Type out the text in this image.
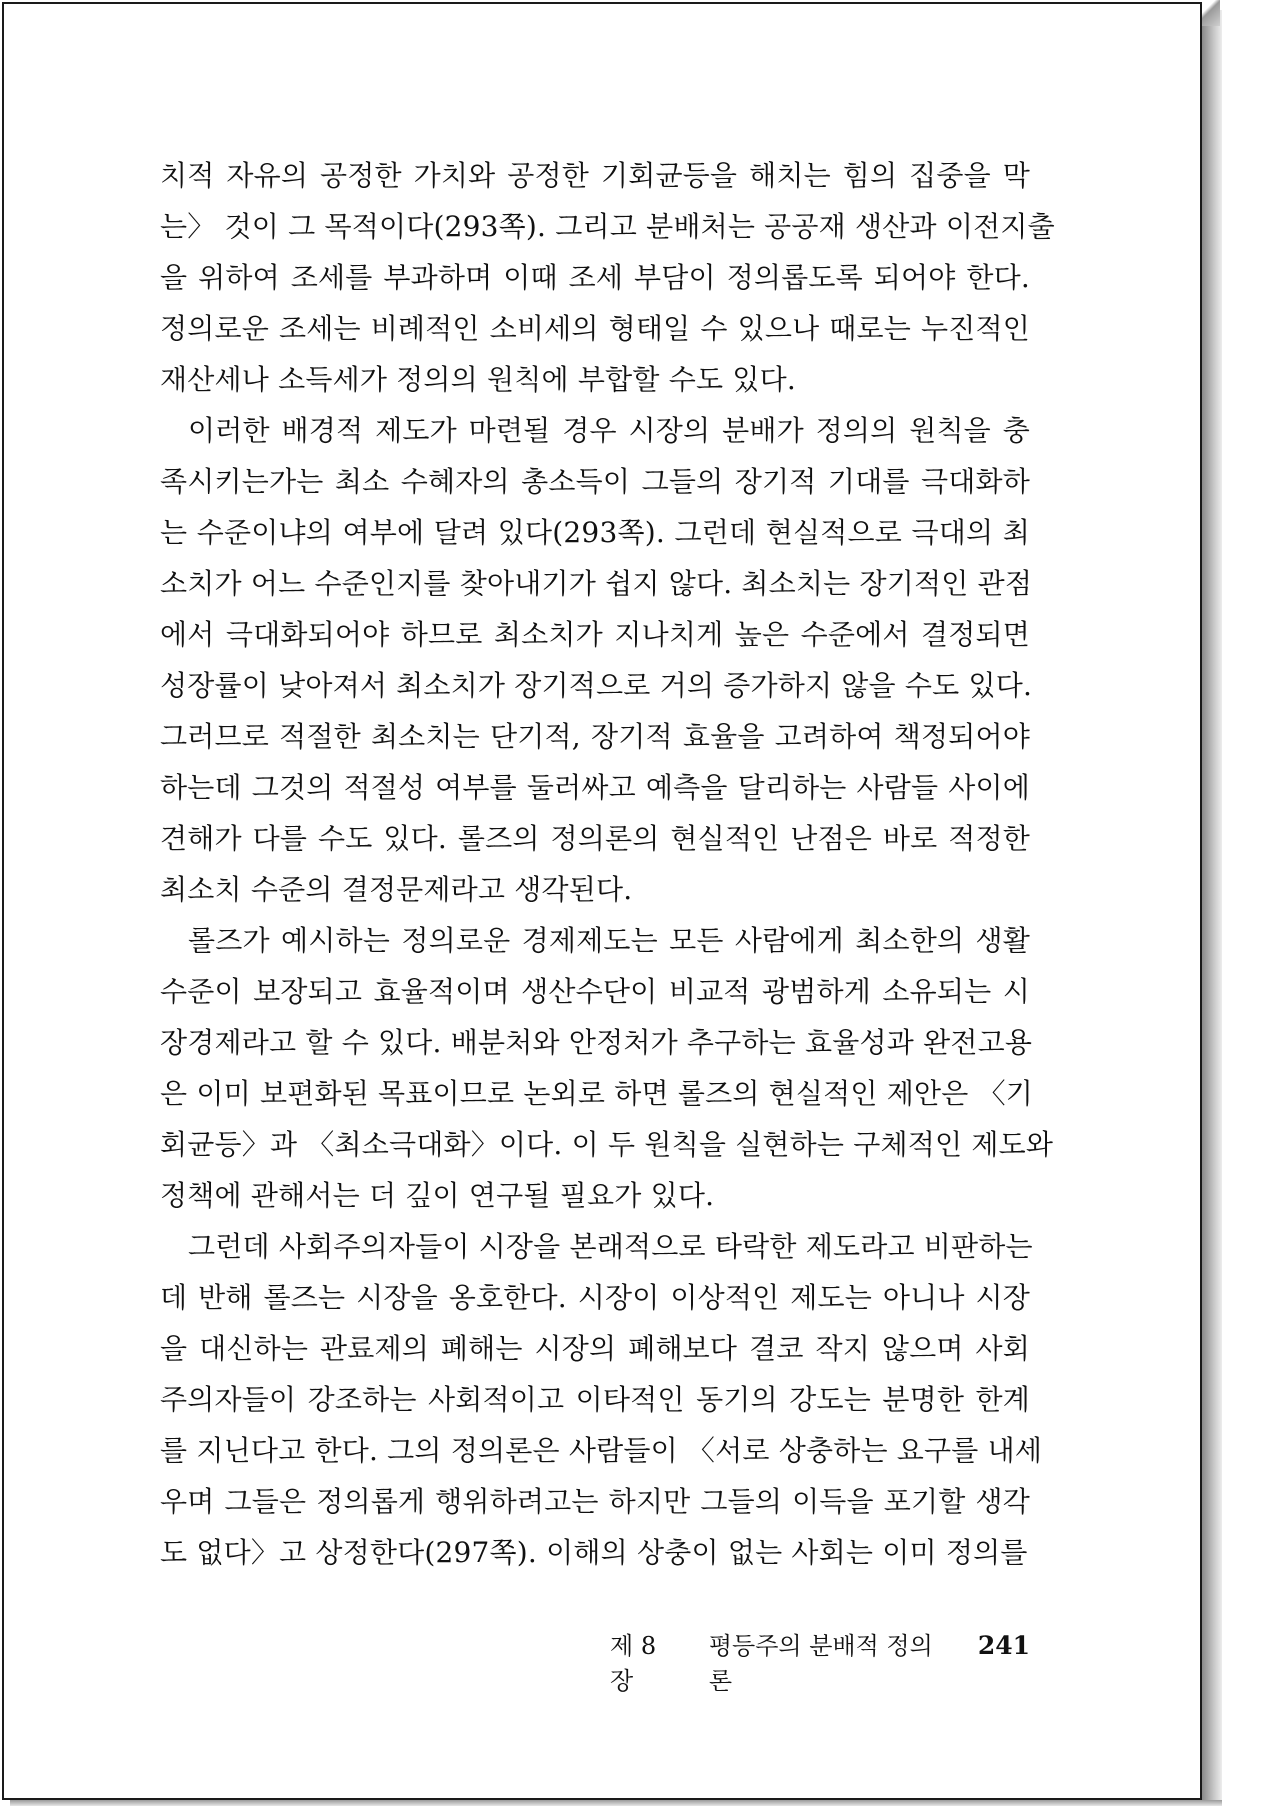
치적 자유의 공정한 가치와 공정한 기회균등을 해치는 힘의 집중을 막
는〉 것이 그 목적이다(293쪽). 그리고 분배처는 공공재 생산과 이전지출
을 위하여 조세를 부과하며 이때 조세 부담이 정의롭도록 되어야 한다.
정의로운 조세는 비례적인 소비세의 형태일 수 있으나 때로는 누진적인
재산세나 소득세가 정의의 원칙에 부합할 수도 있다.
이러한 배경적 제도가 마련될 경우 시장의 분배가 정의의 원칙을 충
족시키는가는 최소 수혜자의 총소득이 그들의 장기적 기대를 극대화하
는 수준이냐의 여부에 달려 있다(293쪽). 그런데 현실적으로 극대의 최
소치가 어느 수준인지를 찾아내기가 쉽지 않다. 최소치는 장기적인 관점
에서 극대화되어야 하므로 최소치가 지나치게 높은 수준에서 결정되면
성장률이 낮아져서 최소치가 장기적으로 거의 증가하지 않을 수도 있다.
그러므로 적절한 최소치는 단기적, 장기적 효율을 고려하여 책정되어야
하는데 그것의 적절성 여부를 둘러싸고 예측을 달리하는 사람들 사이에
견해가 다를 수도 있다. 롤즈의 정의론의 현실적인 난점은 바로 적정한
최소치 수준의 결정문제라고 생각된다.
롤즈가 예시하는 정의로운 경제제도는 모든 사람에게 최소한의 생활
수준이 보장되고 효율적이며 생산수단이 비교적 광범하게 소유되는 시
장경제라고 할 수 있다. 배분처와 안정처가 추구하는 효율성과 완전고용
은 이미 보편화된 목표이므로 논외로 하면 롤즈의 현실적인 제안은 〈기
회균등〉과 〈최소극대화〉이다. 이 두 원칙을 실현하는 구체적인 제도와
정책에 관해서는 더 깊이 연구될 필요가 있다.
그런데 사회주의자들이 시장을 본래적으로 타락한 제도라고 비판하는
데 반해 롤즈는 시장을 옹호한다. 시장이 이상적인 제도는 아니나 시장
을 대신하는 관료제의 폐해는 시장의 폐해보다 결코 작지 않으며 사회
주의자들이 강조하는 사회적이고 이타적인 동기의 강도는 분명한 한계
를 지닌다고 한다. 그의 정의론은 사람들이 〈서로 상충하는 요구를 내세
우며 그들은 정의롭게 행위하려고는 하지만 그들의 이득을 포기할 생각
도 없다〉고 상정한다(297쪽). 이해의 상충이 없는 사회는 이미 정의를
제 8 장
평등주의 분배적 정의론
241
